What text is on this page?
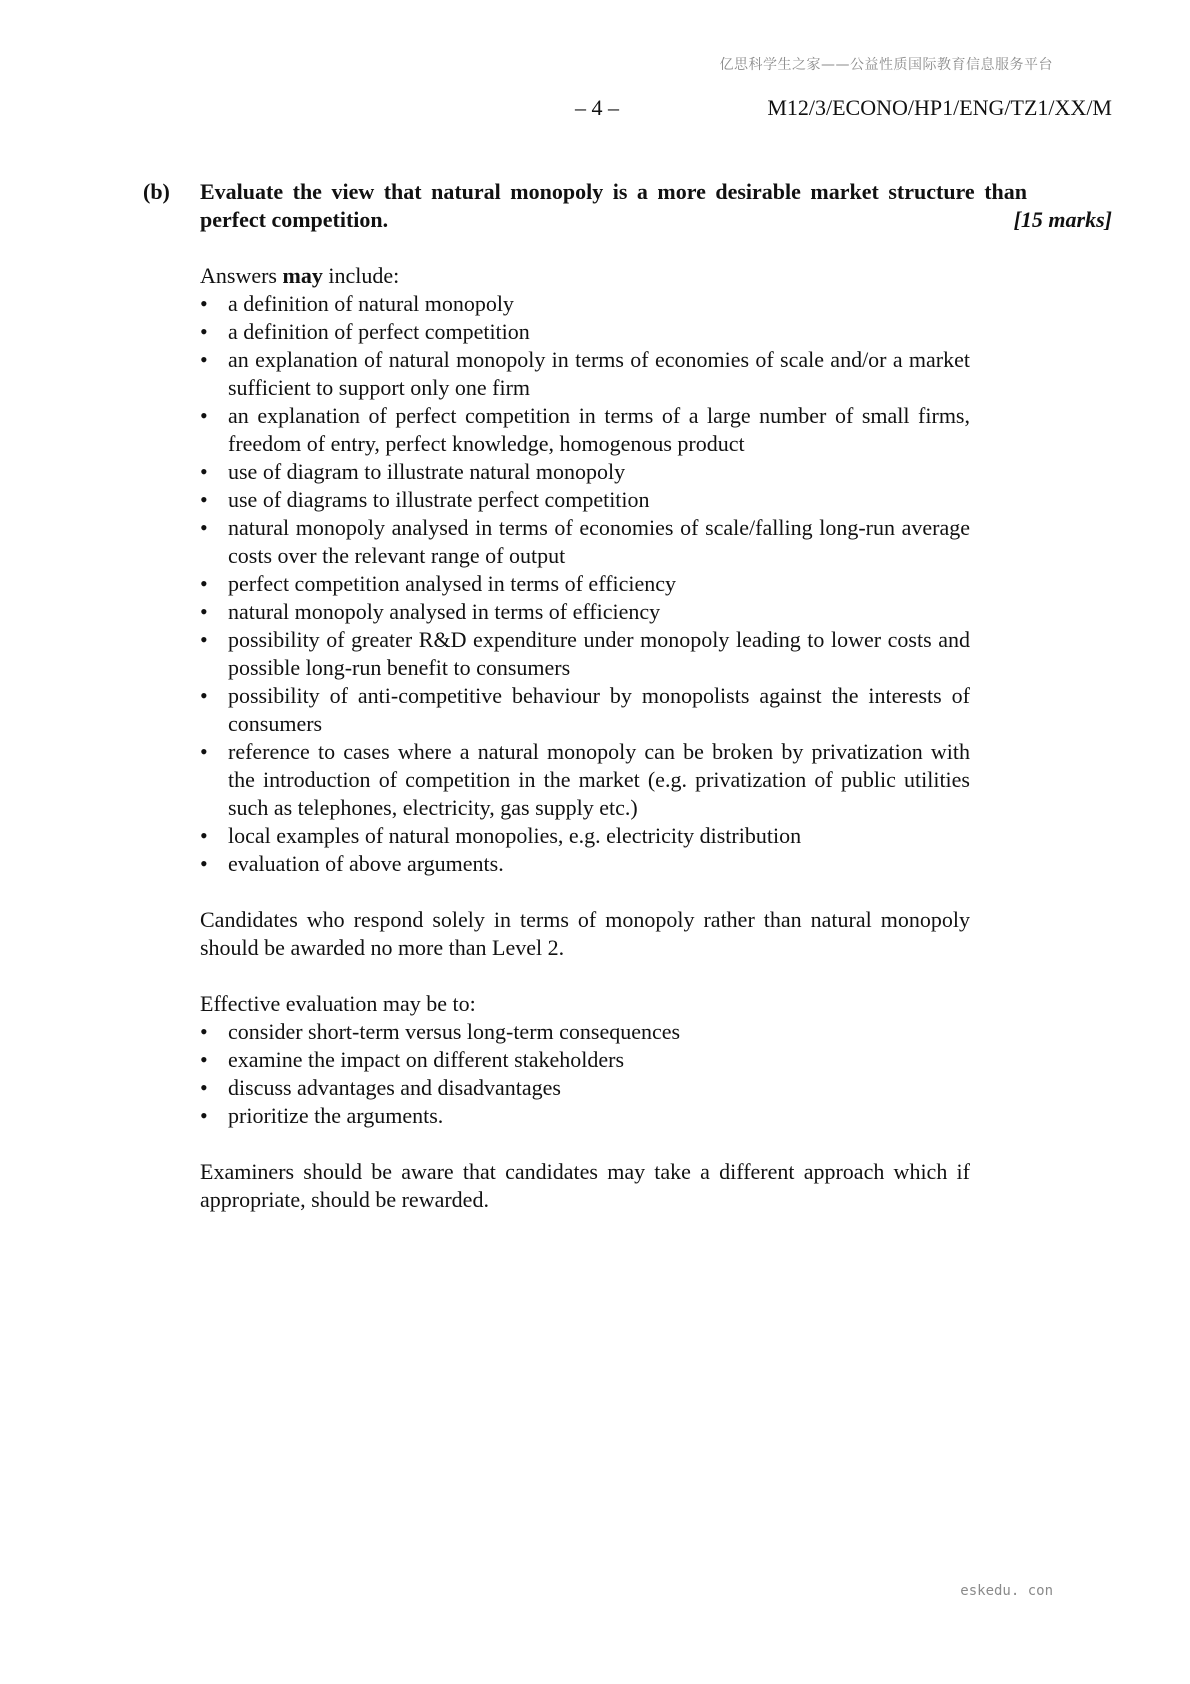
亿思科学生之家——公益性质国际教育信息服务平台
– 4 –	M12/3/ECONO/HP1/ENG/TZ1/XX/M
(b) Evaluate the view that natural monopoly is a more desirable market structure than perfect competition.	[15 marks]

Answers may include:

• a definition of natural monopoly
• a definition of perfect competition
• an explanation of natural monopoly in terms of economies of scale and/or a market sufficient to support only one firm
• an explanation of perfect competition in terms of a large number of small firms, freedom of entry, perfect knowledge, homogenous product
• use of diagram to illustrate natural monopoly
• use of diagrams to illustrate perfect competition
• natural monopoly analysed in terms of economies of scale/falling long-run average costs over the relevant range of output
• perfect competition analysed in terms of efficiency
• natural monopoly analysed in terms of efficiency
• possibility of greater R&D expenditure under monopoly leading to lower costs and possible long-run benefit to consumers
• possibility of anti-competitive behaviour by monopolists against the interests of consumers
• reference to cases where a natural monopoly can be broken by privatization with the introduction of competition in the market (e.g. privatization of public utilities such as telephones, electricity, gas supply etc.)
• local examples of natural monopolies, e.g. electricity distribution
• evaluation of above arguments.

Candidates who respond solely in terms of monopoly rather than natural monopoly should be awarded no more than Level 2.

Effective evaluation may be to:

• consider short-term versus long-term consequences
• examine the impact on different stakeholders
• discuss advantages and disadvantages
• prioritize the arguments.

Examiners should be aware that candidates may take a different approach which if appropriate, should be rewarded.

eskedu. con
